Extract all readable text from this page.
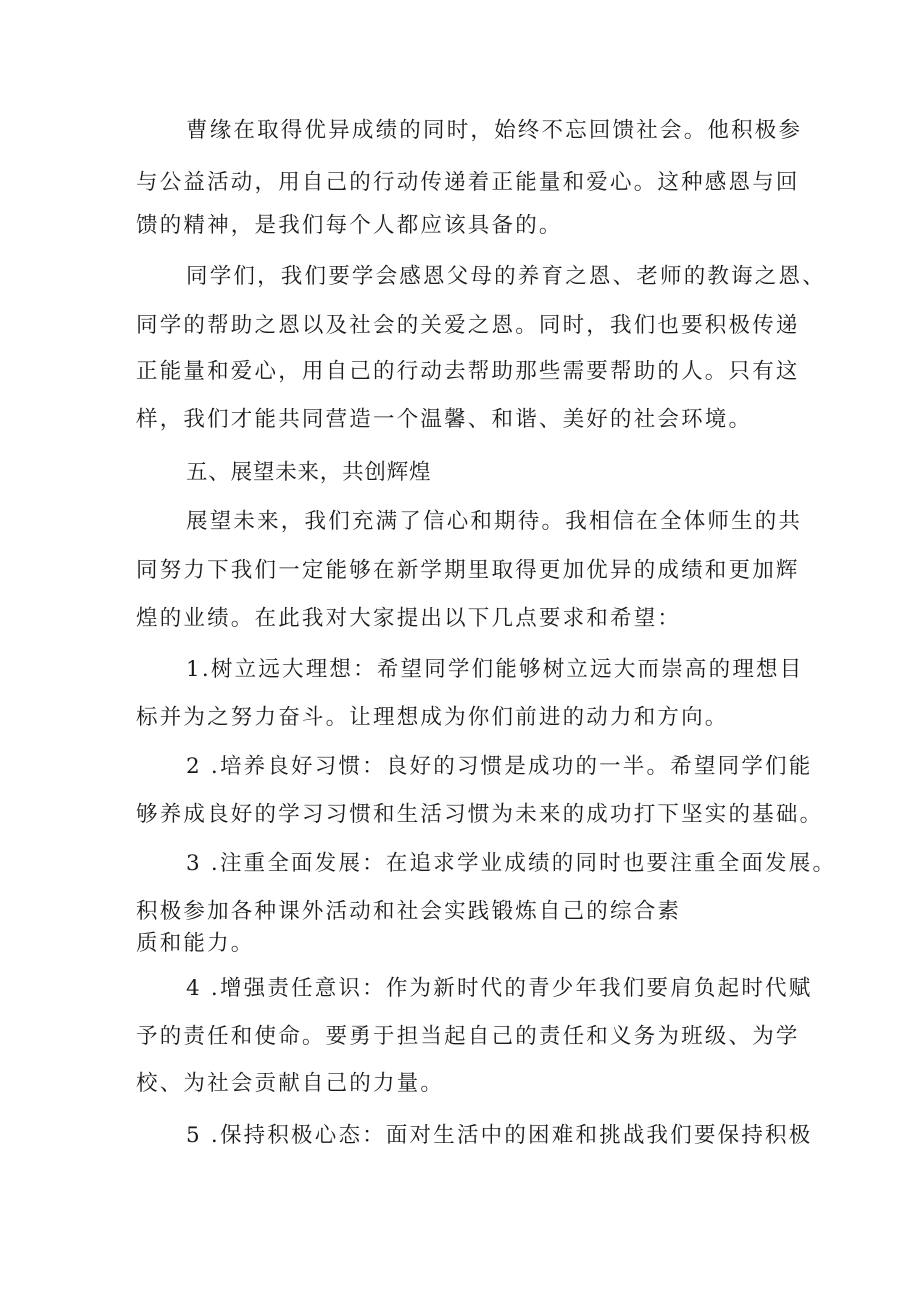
曹缘在取得优异成绩的同时，始终不忘回馈社会。他积极参
与公益活动，用自己的行动传递着正能量和爱心。这种感恩与回
馈的精神，是我们每个人都应该具备的。
同学们，我们要学会感恩父母的养育之恩、老师的教诲之恩、
同学的帮助之恩以及社会的关爱之恩。同时，我们也要积极传递
正能量和爱心，用自己的行动去帮助那些需要帮助的人。只有这
样，我们才能共同营造一个温馨、和谐、美好的社会环境。
五、展望未来，共创辉煌
展望未来，我们充满了信心和期待。我相信在全体师生的共
同努力下我们一定能够在新学期里取得更加优异的成绩和更加辉
煌的业绩。在此我对大家提出以下几点要求和希望：
1.树立远大理想：希望同学们能够树立远大而崇高的理想目
标并为之努力奋斗。让理想成为你们前进的动力和方向。
2 .培养良好习惯：良好的习惯是成功的一半。希望同学们能
够养成良好的学习习惯和生活习惯为未来的成功打下坚实的基础。
3 .注重全面发展：在追求学业成绩的同时也要注重全面发展。
积极参加各种课外活动和社会实践锻炼自己的综合素
质和能力。
4 .增强责任意识：作为新时代的青少年我们要肩负起时代赋
予的责任和使命。要勇于担当起自己的责任和义务为班级、为学
校、为社会贡献自己的力量。
5 .保持积极心态：面对生活中的困难和挑战我们要保持积极
